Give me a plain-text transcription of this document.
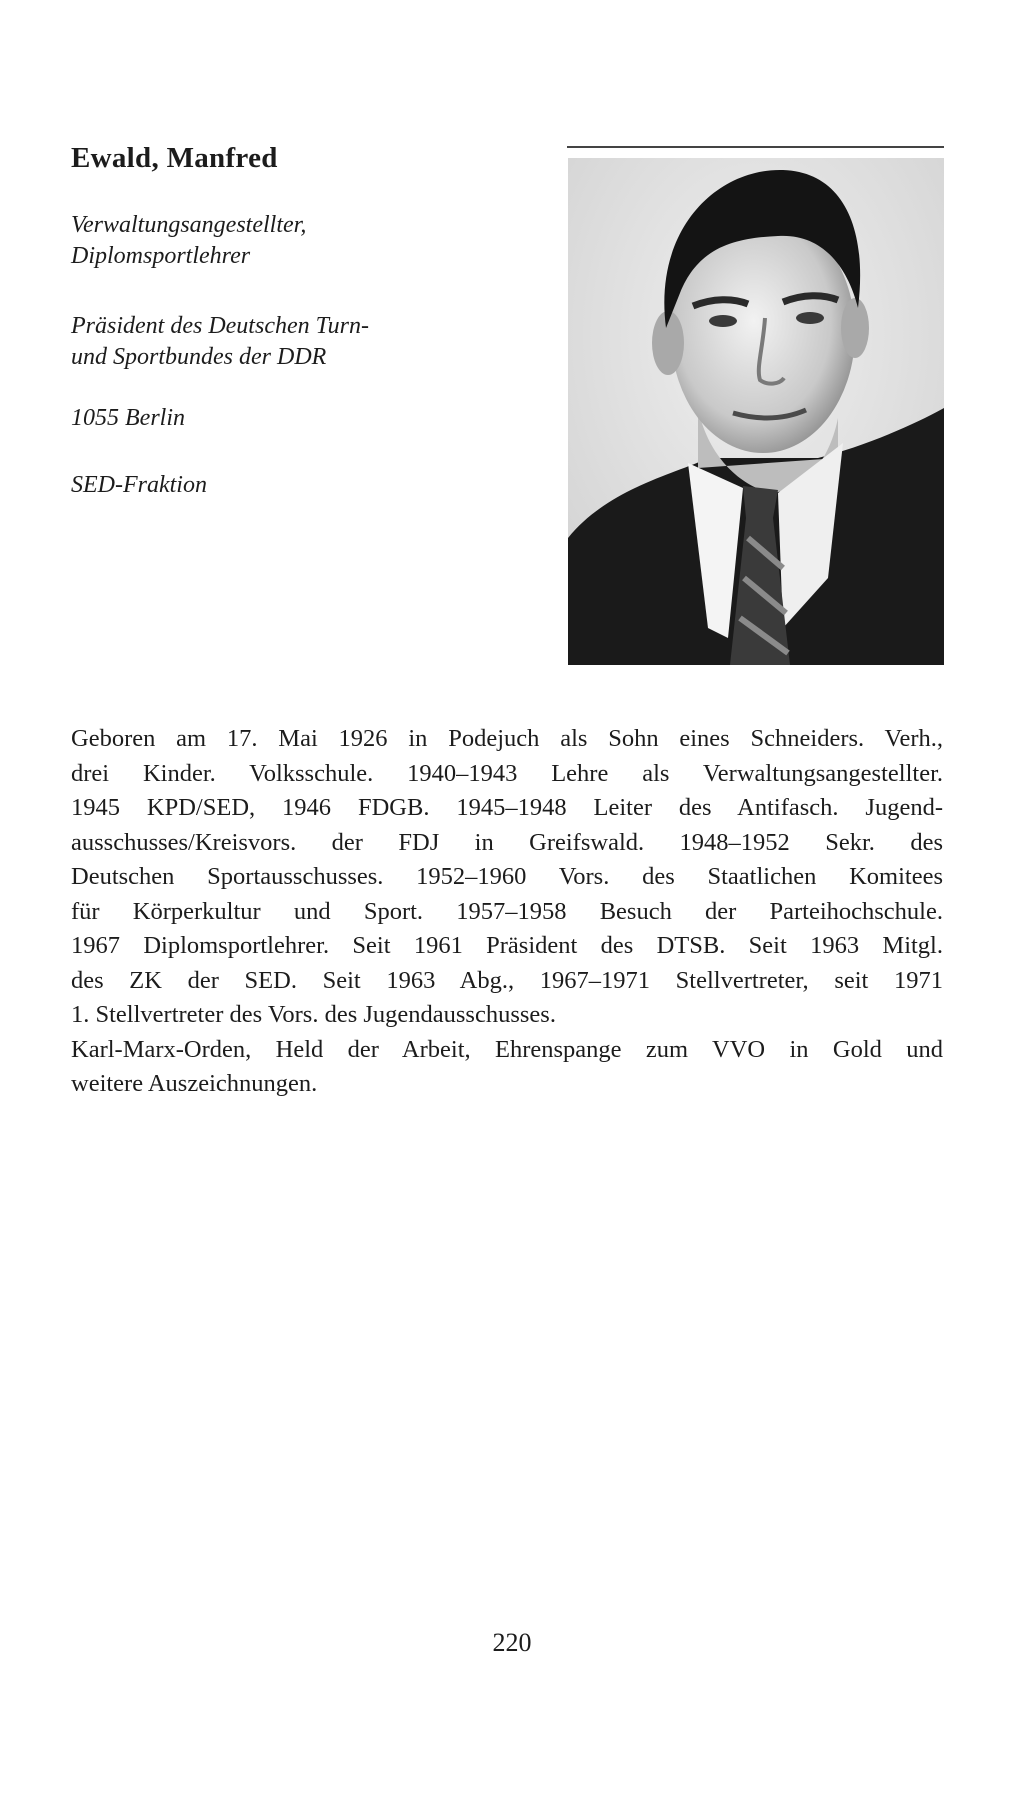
Ewald, Manfred
Verwaltungsangestellter,
Diplomsportlehrer
Präsident des Deutschen Turn-
und Sportbundes der DDR
1055 Berlin
SED-Fraktion

Geboren am 17. Mai 1926 in Podejuch als Sohn eines Schneiders. Verh.,

drei Kinder. Volksschule. 1940–1943 Lehre als Verwaltungsangestellter.

1945 KPD/SED, 1946 FDGB. 1945–1948 Leiter des Antifasch. Jugend-

ausschusses/Kreisvors. der FDJ in Greifswald. 1948–1952 Sekr. des

Deutschen Sportausschusses. 1952–1960 Vors. des Staatlichen Komitees

für Körperkultur und Sport. 1957–1958 Besuch der Parteihochschule.

1967 Diplomsportlehrer. Seit 1961 Präsident des DTSB. Seit 1963 Mitgl.

des ZK der SED. Seit 1963 Abg., 1967–1971 Stellvertreter, seit 1971

1. Stellvertreter des Vors. des Jugendausschusses.

Karl-Marx-Orden, Held der Arbeit, Ehrenspange zum VVO in Gold und

weitere Auszeichnungen.

220
